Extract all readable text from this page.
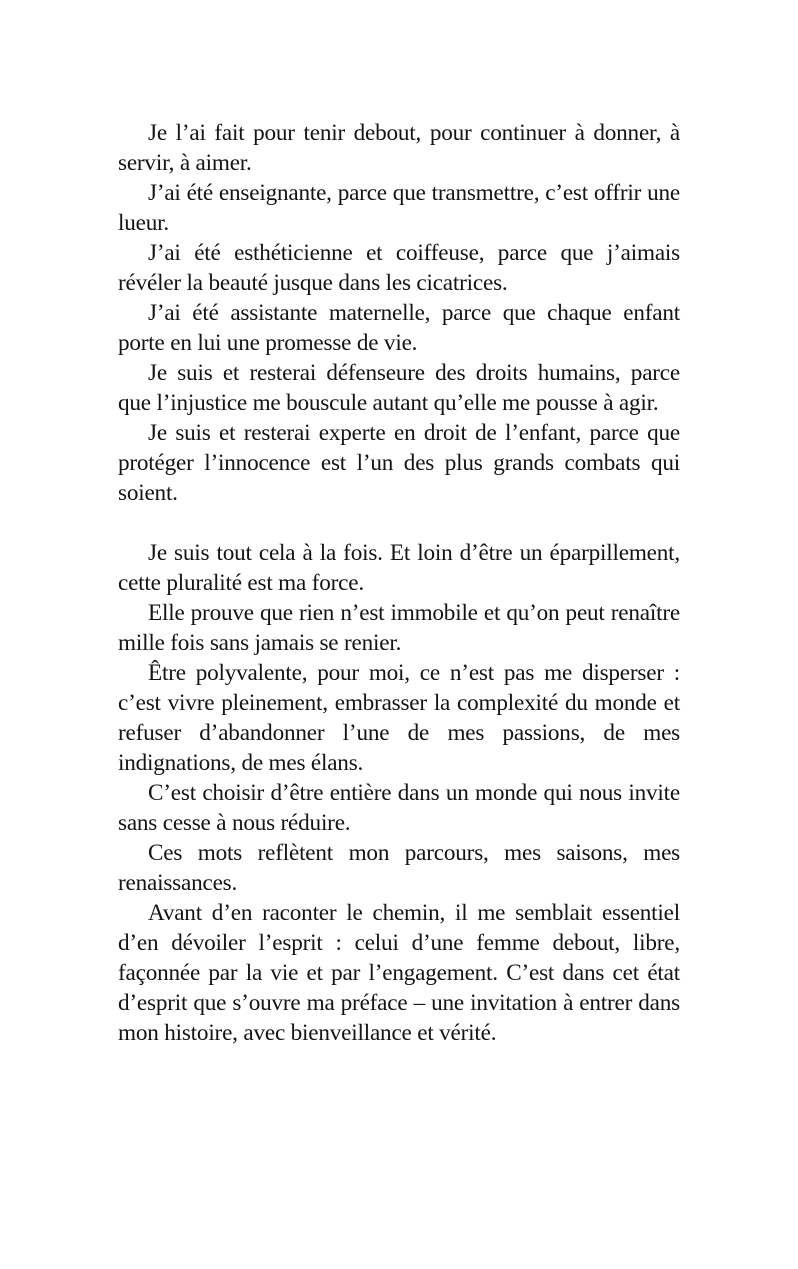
Je l’ai fait pour tenir debout, pour continuer à donner, à servir, à aimer.

J’ai été enseignante, parce que transmettre, c’est offrir une lueur.

J’ai été esthéticienne et coiffeuse, parce que j’aimais révéler la beauté jusque dans les cicatrices.

J’ai été assistante maternelle, parce que chaque enfant porte en lui une promesse de vie.

Je suis et resterai défenseure des droits humains, parce que l’injustice me bouscule autant qu’elle me pousse à agir.

Je suis et resterai experte en droit de l’enfant, parce que protéger l’innocence est l’un des plus grands combats qui soient.

Je suis tout cela à la fois. Et loin d’être un éparpillement, cette pluralité est ma force.

Elle prouve que rien n’est immobile et qu’on peut renaître mille fois sans jamais se renier.

Être polyvalente, pour moi, ce n’est pas me disperser : c’est vivre pleinement, embrasser la complexité du monde et refuser d’abandonner l’une de mes passions, de mes indignations, de mes élans.

C’est choisir d’être entière dans un monde qui nous invite sans cesse à nous réduire.

Ces mots reflètent mon parcours, mes saisons, mes renaissances.

Avant d’en raconter le chemin, il me semblait essentiel d’en dévoiler l’esprit : celui d’une femme debout, libre, façonnée par la vie et par l’engagement. C’est dans cet état d’esprit que s’ouvre ma préface – une invitation à entrer dans mon histoire, avec bienveillance et vérité.
